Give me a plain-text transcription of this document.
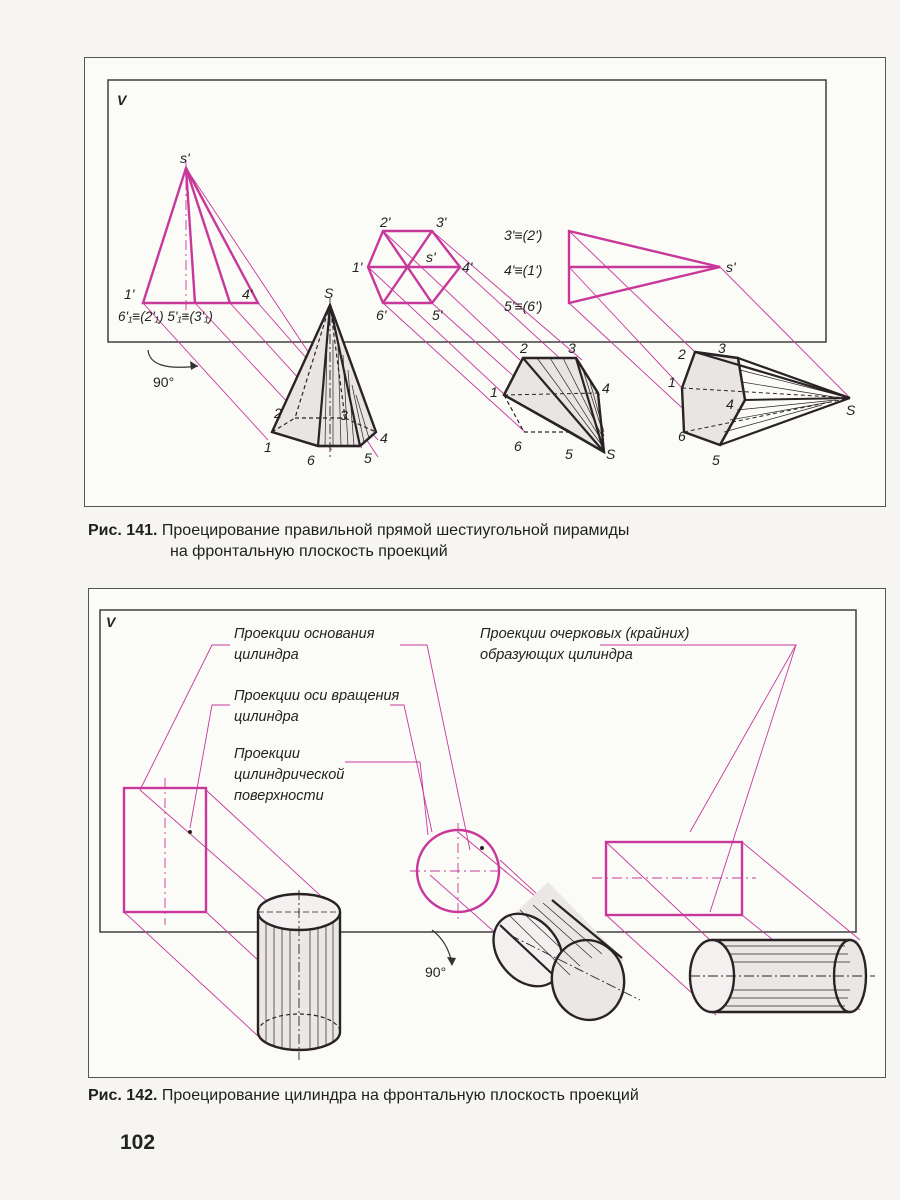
V
s'
1'	4'
6'₁≡(2'₁) 5'₁≡(3'₁)
2'	3'
1'	4'
s'
6'	5'
3'≡(2')
4'≡(1')
5'≡(6')
s'
90°
S
2	3
1
4
6	5
2	3
1	4
6	5 S
2 3
1
4
6
5
S
Рис. 141. Проецирование правильной прямой шестиугольной пирамиды
на фронтальную плоскость проекций
V
Проекции основания цилиндра
Проекции очерковых (крайних) образующих цилиндра
Проекции оси вращения цилиндра
Проекции цилиндрической поверхности
90°
Рис. 142. Проецирование цилиндра на фронтальную плоскость проекций
102
